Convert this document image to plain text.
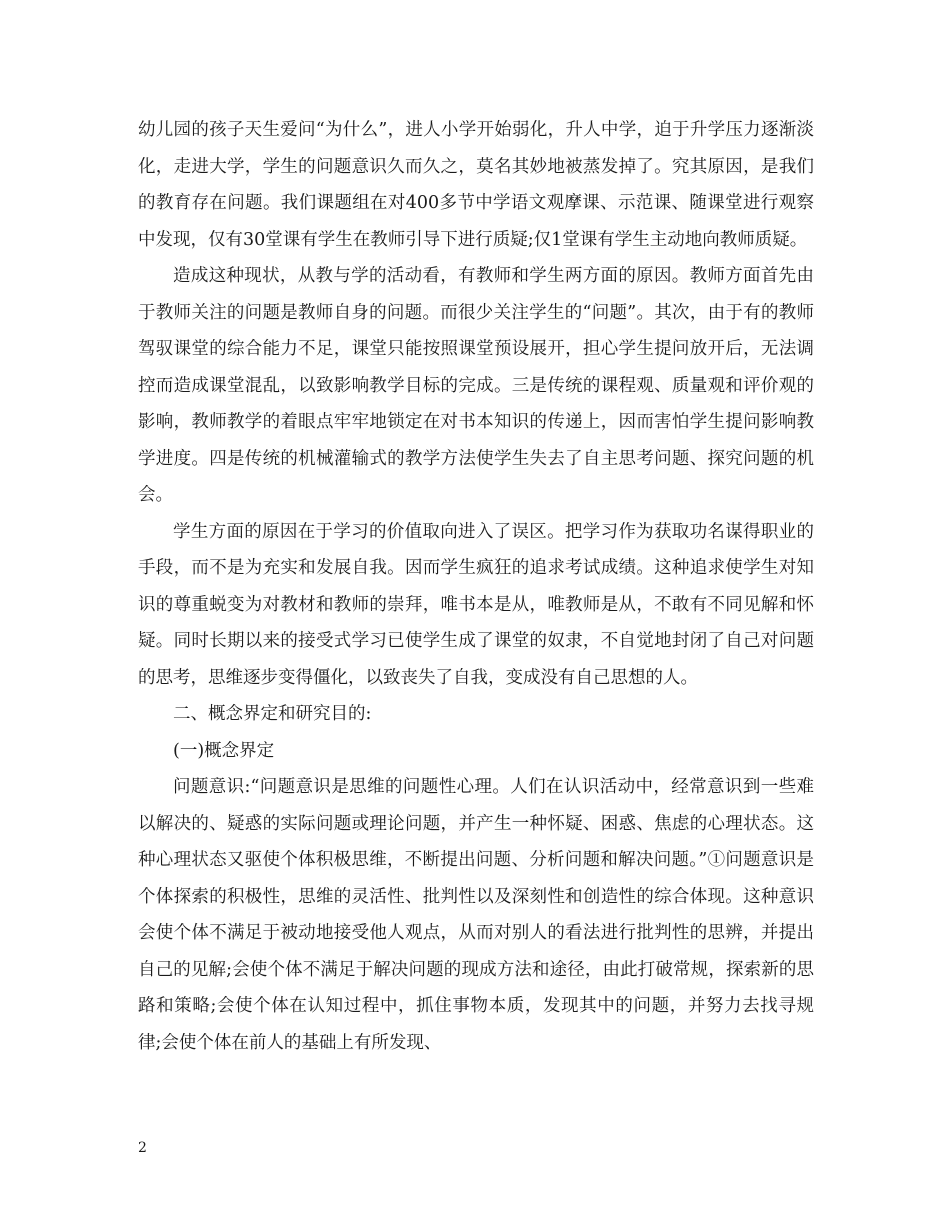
幼儿园的孩子天生爱问“为什么”，进人小学开始弱化，升人中学，迫于升学压力逐渐淡化，走进大学，学生的问题意识久而久之，莫名其妙地被蒸发掉了。究其原因，是我们的教育存在问题。我们课题组在对400多节中学语文观摩课、示范课、随课堂进行观察中发现，仅有30堂课有学生在教师引导下进行质疑;仅1堂课有学生主动地向教师质疑。

造成这种现状，从教与学的活动看，有教师和学生两方面的原因。教师方面首先由于教师关注的问题是教师自身的问题。而很少关注学生的“问题”。其次，由于有的教师驾驭课堂的综合能力不足，课堂只能按照课堂预设展开，担心学生提问放开后，无法调控而造成课堂混乱，以致影响教学目标的完成。三是传统的课程观、质量观和评价观的影响，教师教学的着眼点牢牢地锁定在对书本知识的传递上，因而害怕学生提问影响教学进度。四是传统的机械灌输式的教学方法使学生失去了自主思考问题、探究问题的机会。

学生方面的原因在于学习的价值取向进入了误区。把学习作为获取功名谋得职业的手段，而不是为充实和发展自我。因而学生疯狂的追求考试成绩。这种追求使学生对知识的尊重蜕变为对教材和教师的崇拜，唯书本是从，唯教师是从，不敢有不同见解和怀疑。同时长期以来的接受式学习已使学生成了课堂的奴隶，不自觉地封闭了自己对问题的思考，思维逐步变得僵化，以致丧失了自我，变成没有自己思想的人。

二、概念界定和研究目的:

(一)概念界定

问题意识:“问题意识是思维的问题性心理。人们在认识活动中，经常意识到一些难以解决的、疑惑的实际问题或理论问题，并产生一种怀疑、困惑、焦虑的心理状态。这种心理状态又驱使个体积极思维，不断提出问题、分析问题和解决问题。”①问题意识是个体探索的积极性，思维的灵活性、批判性以及深刻性和创造性的综合体现。这种意识会使个体不满足于被动地接受他人观点，从而对别人的看法进行批判性的思辨，并提出自己的见解;会使个体不满足于解决问题的现成方法和途径，由此打破常规，探索新的思路和策略;会使个体在认知过程中，抓住事物本质，发现其中的问题，并努力去找寻规律;会使个体在前人的基础上有所发现、

2
